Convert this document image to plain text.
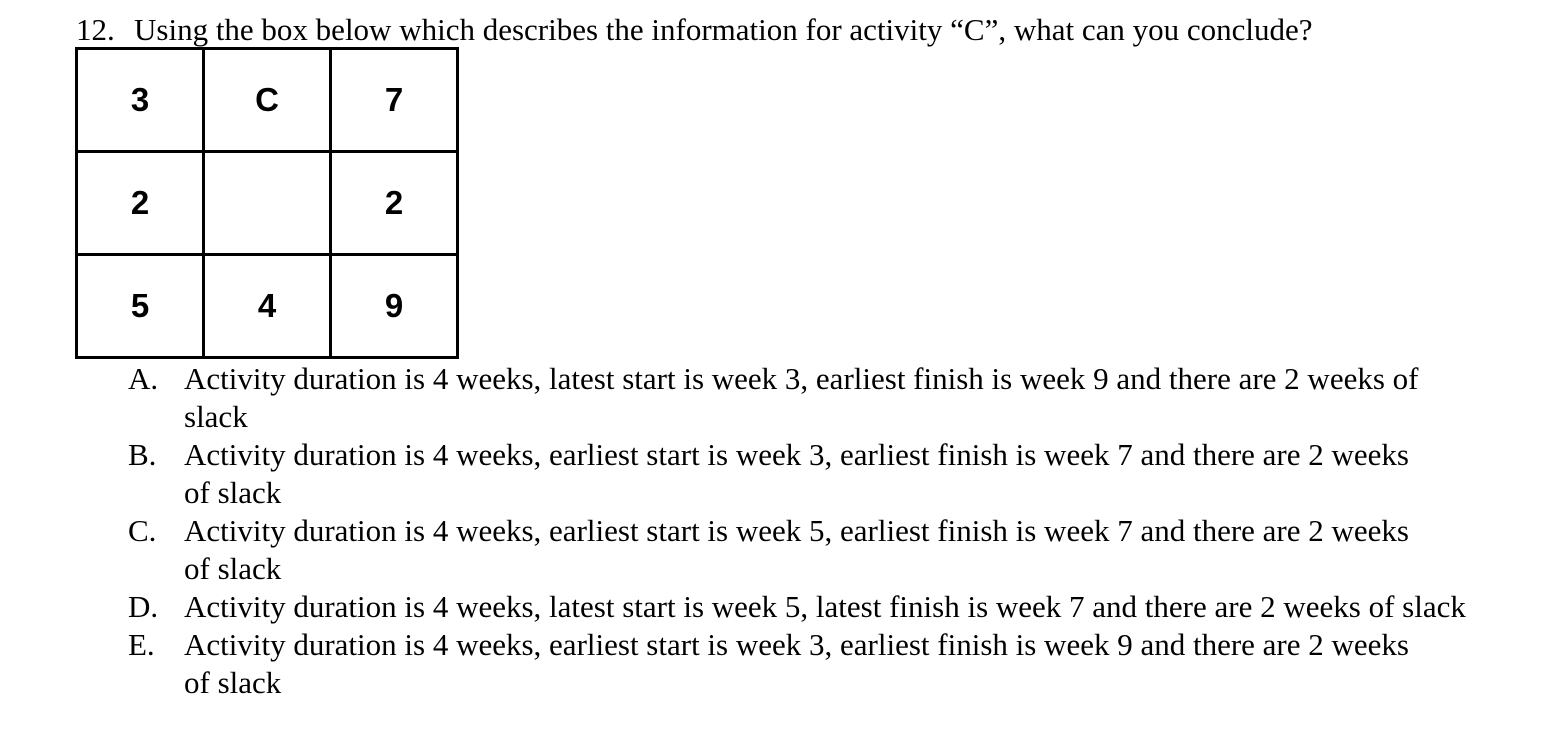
12. Using the box below which describes the information for activity “C”, what can you conclude?
3	C	7
2		2
5	4	9
A. Activity duration is 4 weeks, latest start is week 3, earliest finish is week 9 and there are 2 weeks of slack
B. Activity duration is 4 weeks, earliest start is week 3, earliest finish is week 7 and there are 2 weeks of slack
C. Activity duration is 4 weeks, earliest start is week 5, earliest finish is week 7 and there are 2 weeks of slack
D. Activity duration is 4 weeks, latest start is week 5, latest finish is week 7 and there are 2 weeks of slack
E. Activity duration is 4 weeks, earliest start is week 3, earliest finish is week 9 and there are 2 weeks of slack
